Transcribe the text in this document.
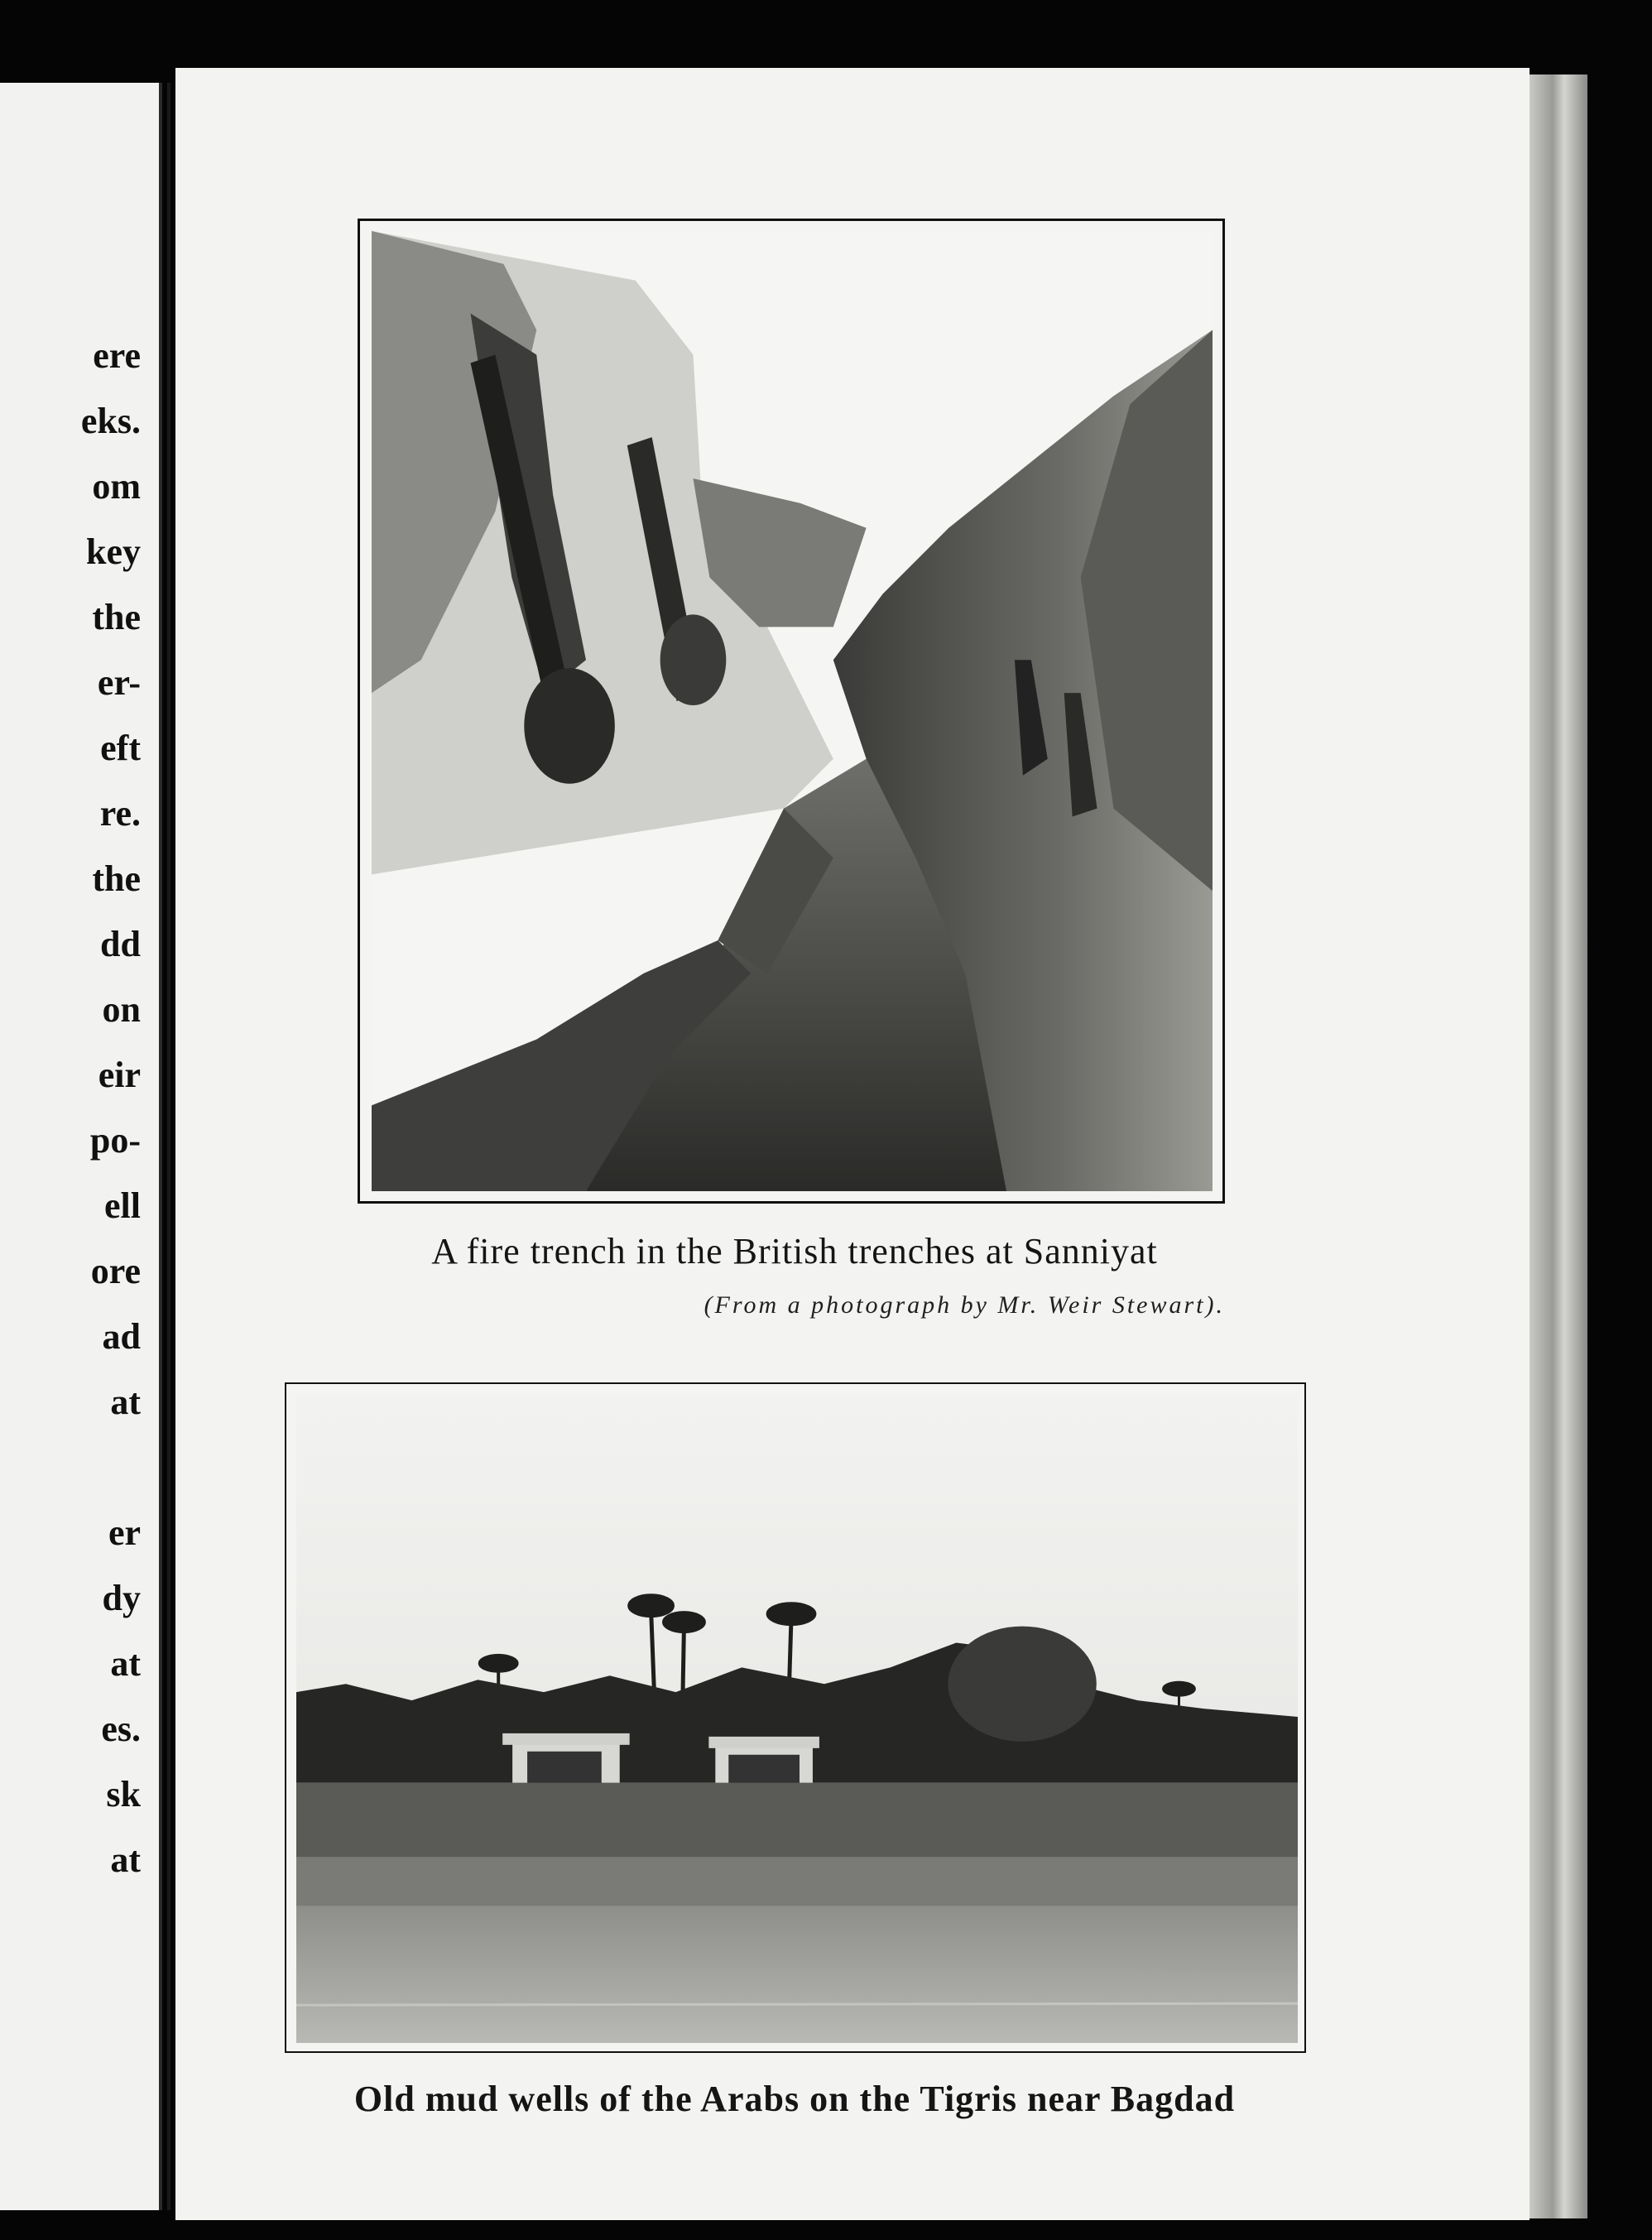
ere
eks.
om
key
the
er-
eft
re.
the
dd
on
eir
po-
ell
ore
ad
at
er
dy
at
es.
sk
at
A fire trench in the British trenches at Sanniyat
(From a photograph by Mr. Weir Stewart).
Old mud wells of the Arabs on the Tigris near Bagdad
